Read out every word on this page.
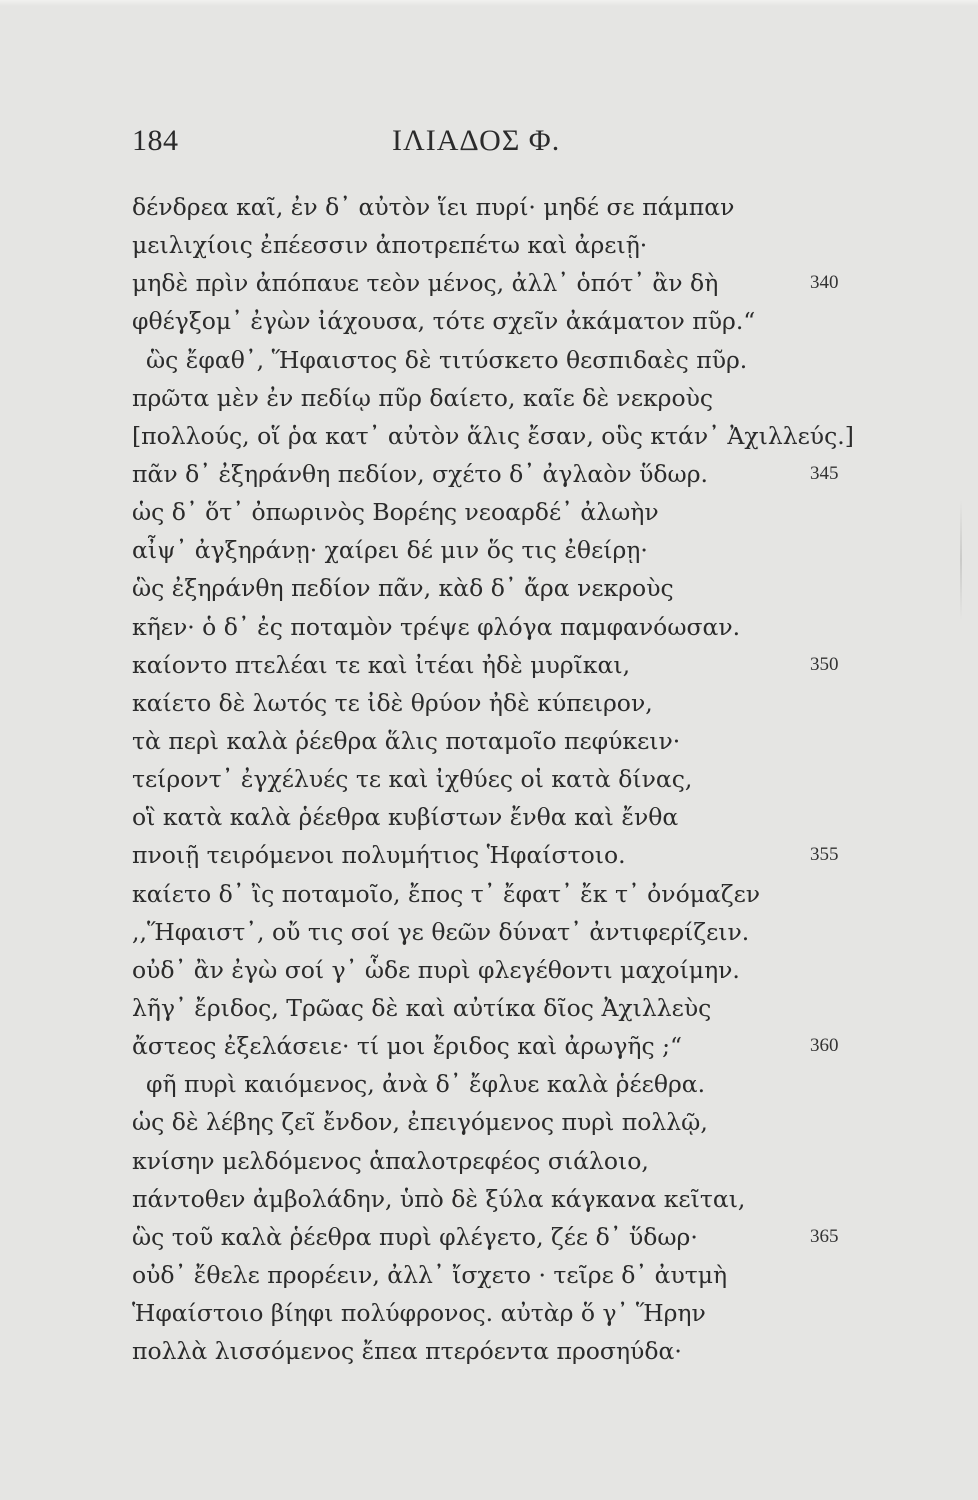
184	ΙΛΙΑΔΟΣ Φ.
δένδρεα καῖ, ἐν δ᾿ αὐτὸν ἵει πυρί· μηδέ σε πάμπαν
μειλιχίοις ἐπέεσσιν ἀποτρεπέτω καὶ ἀρειῇ·
μηδὲ πρὶν ἀπόπαυε τεὸν μένος, ἀλλ᾿ ὁπότ᾿ ἂν δὴ	340
φθέγξομ᾿ ἐγὼν ἰάχουσα, τότε σχεῖν ἀκάματον πῦρ.“
ὣς ἔφαθ᾿, Ἥφαιστος δὲ τιτύσκετο θεσπιδαὲς πῦρ.
πρῶτα μὲν ἐν πεδίῳ πῦρ δαίετο, καῖε δὲ νεκροὺς
[πολλούς, οἵ ῥα κατ᾿ αὐτὸν ἅλις ἔσαν, οὓς κτάν᾿ Ἀχιλλεύς.]
πᾶν δ᾿ ἐξηράνθη πεδίον, σχέτο δ᾿ ἀγλαὸν ὕδωρ.	345
ὡς δ᾿ ὅτ᾿ ὀπωρινὸς Βορέης νεοαρδέ᾿ ἀλωὴν
αἶψ᾿ ἀγξηράνῃ· χαίρει δέ μιν ὅς τις ἐθείρῃ·
ὣς ἐξηράνθη πεδίον πᾶν, κὰδ δ᾿ ἄρα νεκροὺς
κῆεν· ὁ δ᾿ ἐς ποταμὸν τρέψε φλόγα παμφανόωσαν.
καίοντο πτελέαι τε καὶ ἰτέαι ἠδὲ μυρῖκαι,	350
καίετο δὲ λωτός τε ἰδὲ θρύον ἠδὲ κύπειρον,
τὰ περὶ καλὰ ῥέεθρα ἅλις ποταμοῖο πεφύκειν·
τείροντ᾿ ἐγχέλυές τε καὶ ἰχθύες οἱ κατὰ δίνας,
οἳ κατὰ καλὰ ῥέεθρα κυβίστων ἔνθα καὶ ἔνθα
πνοιῇ τειρόμενοι πολυμήτιος Ἡφαίστοιο.	355
καίετο δ᾿ ἲς ποταμοῖο, ἔπος τ᾿ ἔφατ᾿ ἔκ τ᾿ ὀνόμαζεν
,,Ἥφαιστ᾿, οὔ τις σοί γε θεῶν δύνατ᾿ ἀντιφερίζειν.
οὐδ᾿ ἂν ἐγὼ σοί γ᾿ ὧδε πυρὶ φλεγέθοντι μαχοίμην.
λῆγ᾿ ἔριδος, Τρῶας δὲ καὶ αὐτίκα δῖος Ἀχιλλεὺς
ἄστεος ἐξελάσειε· τί μοι ἔριδος καὶ ἀρωγῆς ;“	360
φῆ πυρὶ καιόμενος, ἀνὰ δ᾿ ἔφλυε καλὰ ῥέεθρα.
ὡς δὲ λέβης ζεῖ ἔνδον, ἐπειγόμενος πυρὶ πολλῷ,
κνίσην μελδόμενος ἁπαλοτρεφέος σιάλοιο,
πάντοθεν ἀμβολάδην, ὑπὸ δὲ ξύλα κάγκανα κεῖται,
ὣς τοῦ καλὰ ῥέεθρα πυρὶ φλέγετο, ζέε δ᾿ ὕδωρ·	365
οὐδ᾿ ἔθελε προρέειν, ἀλλ᾿ ἴσχετο · τεῖρε δ᾿ ἀυτμὴ
Ἡφαίστοιο βίηφι πολύφρονος. αὐτὰρ ὅ γ᾿ Ἥρην
πολλὰ λισσόμενος ἔπεα πτερόεντα προσηύδα·
